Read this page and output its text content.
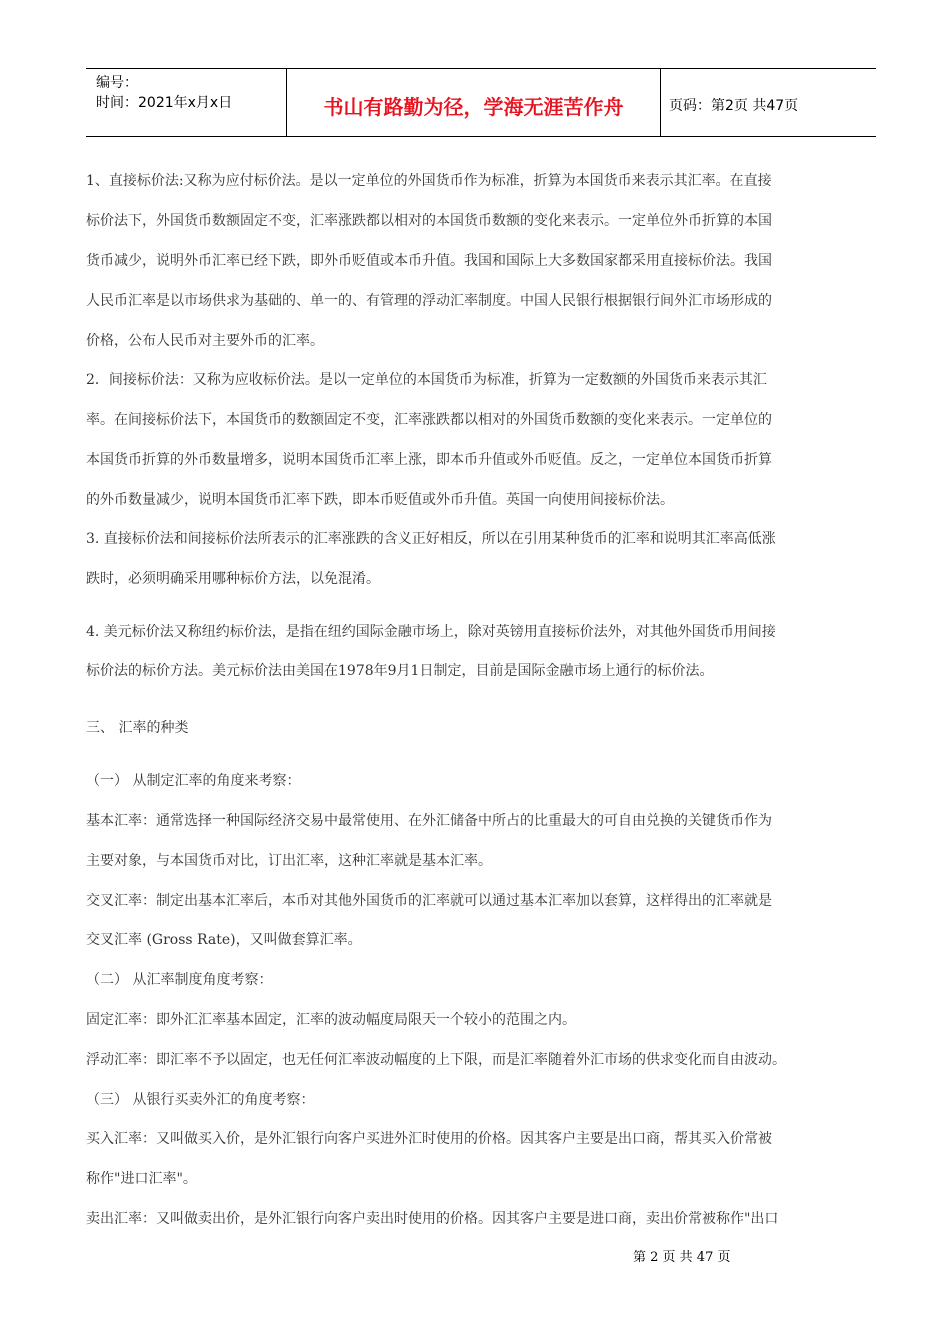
编号：
时间：2021年x月x日	书山有路勤为径，学海无涯苦作舟	页码：第2页 共47页
1、直接标价法:又称为应付标价法。是以一定单位的外国货币作为标准，折算为本国货币来表示其汇率。在直接
标价法下，外国货币数额固定不变，汇率涨跌都以相对的本国货币数额的变化来表示。一定单位外币折算的本国
货币减少，说明外币汇率已经下跌，即外币贬值或本币升值。我国和国际上大多数国家都采用直接标价法。我国
人民币汇率是以市场供求为基础的、单一的、有管理的浮动汇率制度。中国人民银行根据银行间外汇市场形成的
价格，公布人民币对主要外币的汇率。
2．间接标价法：又称为应收标价法。是以一定单位的本国货币为标准，折算为一定数额的外国货币来表示其汇
率。在间接标价法下，本国货币的数额固定不变，汇率涨跌都以相对的外国货币数额的变化来表示。一定单位的
本国货币折算的外币数量增多，说明本国货币汇率上涨，即本币升值或外币贬值。反之，一定单位本国货币折算
的外币数量减少，说明本国货币汇率下跌，即本币贬值或外币升值。英国一向使用间接标价法。
3. 直接标价法和间接标价法所表示的汇率涨跌的含义正好相反，所以在引用某种货币的汇率和说明其汇率高低涨
跌时，必须明确采用哪种标价方法，以免混淆。
4. 美元标价法又称纽约标价法，是指在纽约国际金融市场上，除对英镑用直接标价法外，对其他外国货币用间接
标价法的标价方法。美元标价法由美国在1978年9月1日制定，目前是国际金融市场上通行的标价法。
三、 汇率的种类
（一） 从制定汇率的角度来考察：
基本汇率：通常选择一种国际经济交易中最常使用、在外汇储备中所占的比重最大的可自由兑换的关键货币作为
主要对象，与本国货币对比，订出汇率，这种汇率就是基本汇率。
交叉汇率：制定出基本汇率后，本币对其他外国货币的汇率就可以通过基本汇率加以套算，这样得出的汇率就是
交叉汇率 (Gross Rate)，又叫做套算汇率。
（二） 从汇率制度角度考察：
固定汇率：即外汇汇率基本固定，汇率的波动幅度局限天一个较小的范围之内。
浮动汇率：即汇率不予以固定，也无任何汇率波动幅度的上下限，而是汇率随着外汇市场的供求变化而自由波动。
（三） 从银行买卖外汇的角度考察：
买入汇率：又叫做买入价，是外汇银行向客户买进外汇时使用的价格。因其客户主要是出口商，帮其买入价常被
称作"进口汇率"。
卖出汇率：又叫做卖出价，是外汇银行向客户卖出时使用的价格。因其客户主要是进口商，卖出价常被称作"出口
第 2 页 共 47 页
